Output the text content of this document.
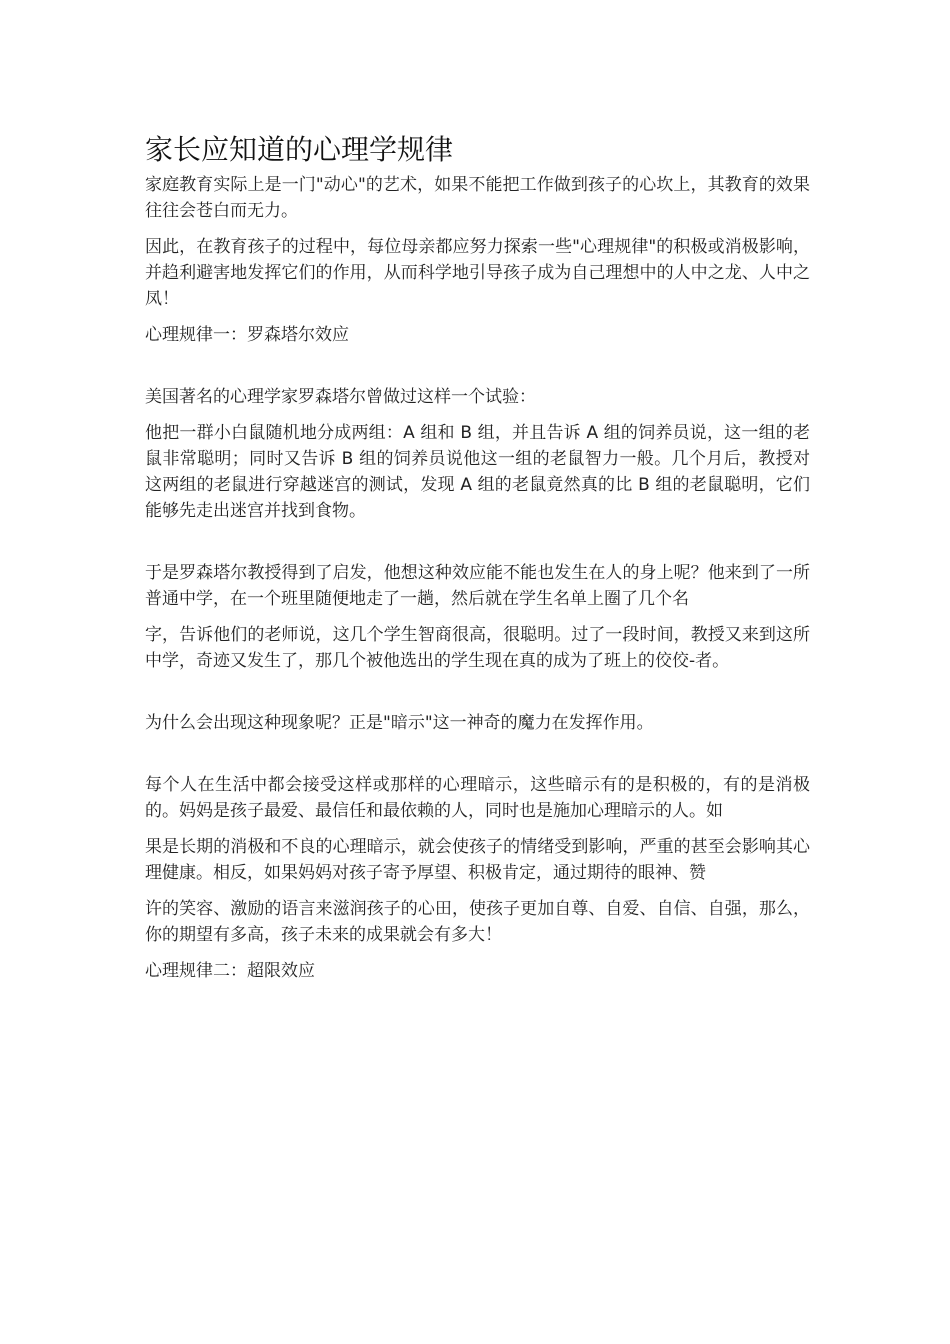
家长应知道的心理学规律

家庭教育实际上是一门"动心"的艺术，如果不能把工作做到孩子的心坎上，其教育的效果往往会苍白而无力。

因此，在教育孩子的过程中，每位母亲都应努力探索一些"心理规律"的积极或消极影响，并趋利避害地发挥它们的作用，从而科学地引导孩子成为自己理想中的人中之龙、人中之凤！

心理规律一：罗森塔尔效应

美国著名的心理学家罗森塔尔曾做过这样一个试验：

他把一群小白鼠随机地分成两组：A 组和 B 组，并且告诉 A 组的饲养员说，这一组的老鼠非常聪明；同时又告诉 B 组的饲养员说他这一组的老鼠智力一般。几个月后，教授对这两组的老鼠进行穿越迷宫的测试，发现 A 组的老鼠竟然真的比 B 组的老鼠聪明，它们能够先走出迷宫并找到食物。

于是罗森塔尔教授得到了启发，他想这种效应能不能也发生在人的身上呢？他来到了一所普通中学，在一个班里随便地走了一趟，然后就在学生名单上圈了几个名

字，告诉他们的老师说，这几个学生智商很高，很聪明。过了一段时间，教授又来到这所中学，奇迹又发生了，那几个被他选出的学生现在真的成为了班上的佼佼-者。

为什么会出现这种现象呢？正是"暗示"这一神奇的魔力在发挥作用。

每个人在生活中都会接受这样或那样的心理暗示，这些暗示有的是积极的，有的是消极的。妈妈是孩子最爱、最信任和最依赖的人，同时也是施加心理暗示的人。如

果是长期的消极和不良的心理暗示，就会使孩子的情绪受到影响，严重的甚至会影响其心理健康。相反，如果妈妈对孩子寄予厚望、积极肯定，通过期待的眼神、赞

许的笑容、激励的语言来滋润孩子的心田，使孩子更加自尊、自爱、自信、自强，那么，你的期望有多高，孩子未来的成果就会有多大！

心理规律二：超限效应
